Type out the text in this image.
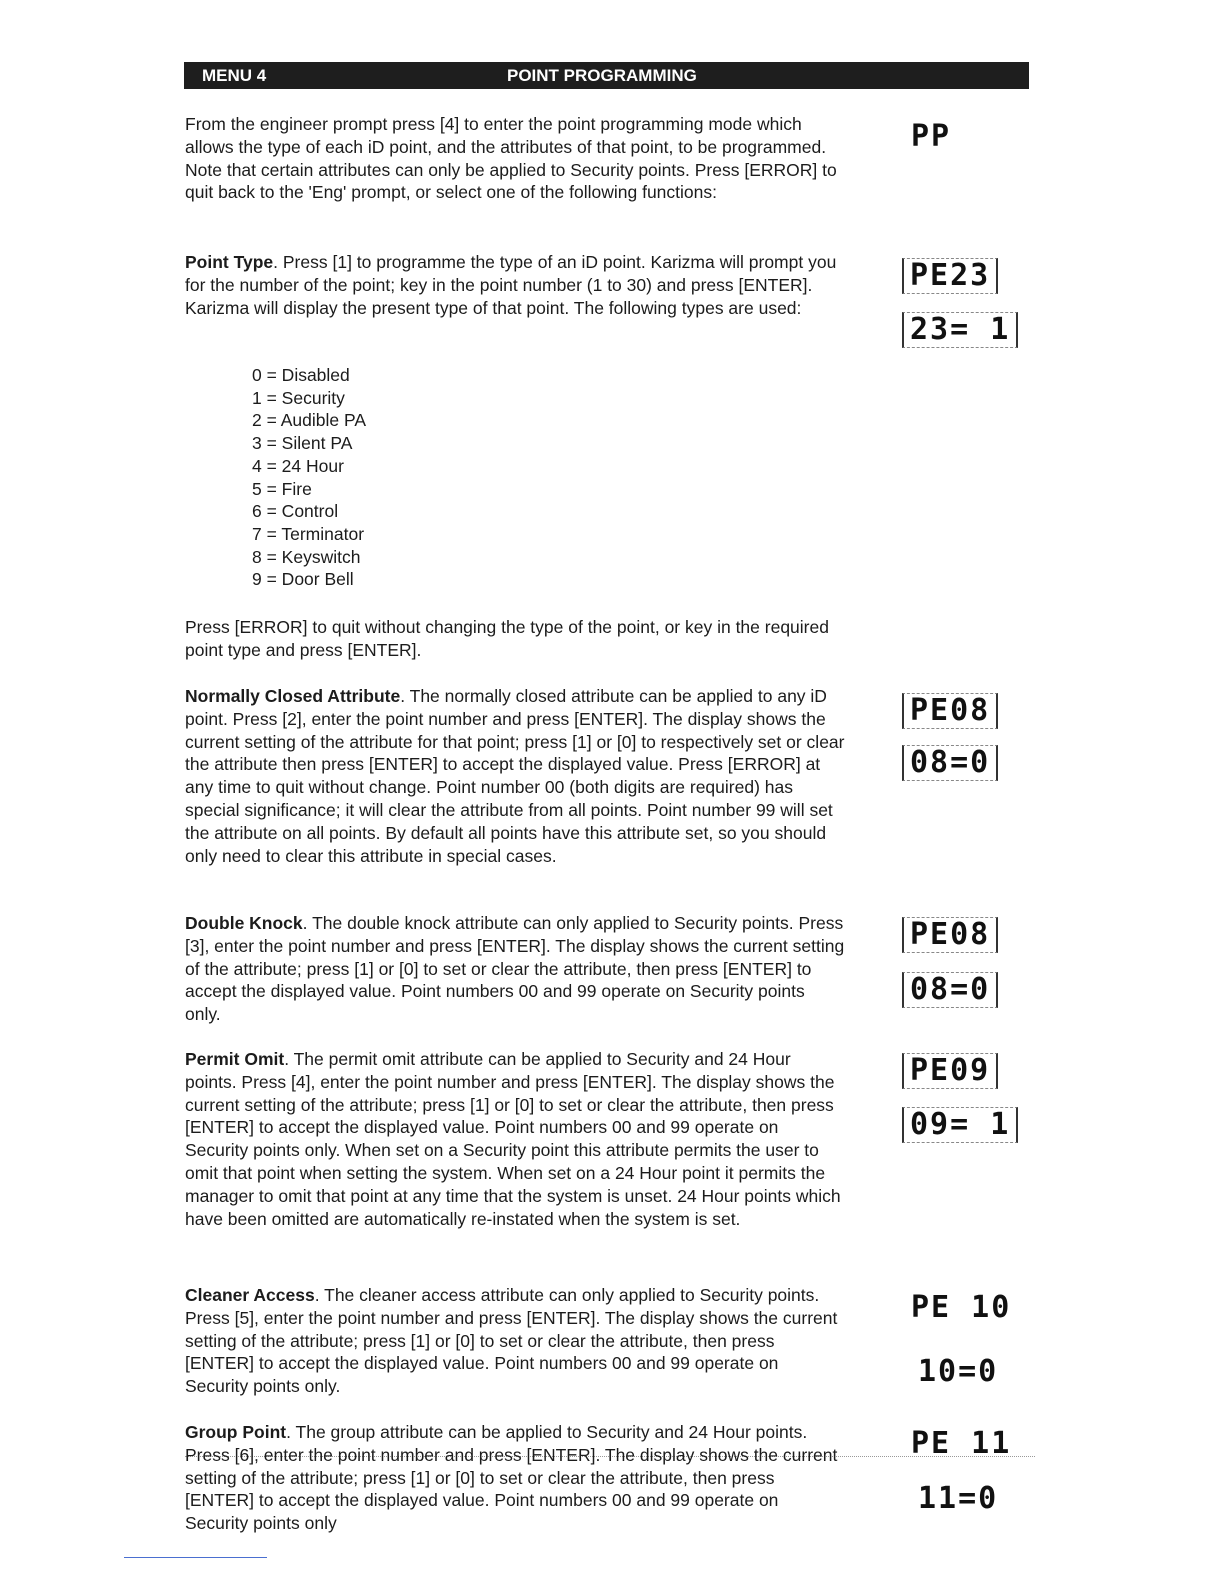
MENU 4	POINT PROGRAMMING

From the engineer prompt press [4] to enter the point programming mode which allows the type of each iD point, and the attributes of that point, to be programmed. Note that certain attributes can only be applied to Security points. Press [ERROR] to quit back to the 'Eng' prompt, or select one of the following functions:

Point Type. Press [1] to programme the type of an iD point. Karizma will prompt you for the number of the point; key in the point number (1 to 30) and press [ENTER]. Karizma will display the present type of that point. The following types are used:

0 = Disabled
1 = Security
2 = Audible PA
3 = Silent PA
4 = 24 Hour
5 = Fire
6 = Control
7 = Terminator
8 = Keyswitch
9 = Door Bell

Press [ERROR] to quit without changing the type of the point, or key in the required point type and press [ENTER].

Normally Closed Attribute. The normally closed attribute can be applied to any iD point. Press [2], enter the point number and press [ENTER]. The display shows the current setting of the attribute for that point; press [1] or [0] to respectively set or clear the attribute then press [ENTER] to accept the displayed value. Press [ERROR] at any time to quit without change. Point number 00 (both digits are required) has special significance; it will clear the attribute from all points. Point number 99 will set the attribute on all points. By default all points have this attribute set, so you should only need to clear this attribute in special cases.

Double Knock. The double knock attribute can only applied to Security points. Press [3], enter the point number and press [ENTER]. The display shows the current setting of the attribute; press [1] or [0] to set or clear the attribute, then press [ENTER] to accept the displayed value. Point numbers 00 and 99 operate on Security points only.

Permit Omit. The permit omit attribute can be applied to Security and 24 Hour points. Press [4], enter the point number and press [ENTER]. The display shows the current setting of the attribute; press [1] or [0] to set or clear the attribute, then press [ENTER] to accept the displayed value. Point numbers 00 and 99 operate on Security points only. When set on a Security point this attribute permits the user to omit that point when setting the system. When set on a 24 Hour point it permits the manager to omit that point at any time that the system is unset. 24 Hour points which have been omitted are automatically re-instated when the system is set.

Cleaner Access. The cleaner access attribute can only applied to Security points. Press [5], enter the point number and press [ENTER]. The display shows the current setting of the attribute; press [1] or [0] to set or clear the attribute, then press [ENTER] to accept the displayed value. Point numbers 00 and 99 operate on Security points only.

Group Point. The group attribute can be applied to Security and 24 Hour points. Press [6], enter the point number and press [ENTER]. The display shows the current setting of the attribute; press [1] or [0] to set or clear the attribute, then press [ENTER] to accept the displayed value. Point numbers 00 and 99 operate on Security points only

PP
PE23
23= 1
PE08
08=0
PE08
08=0
PE09
09= 1
PE 10
10=0
PE 11
11=0
